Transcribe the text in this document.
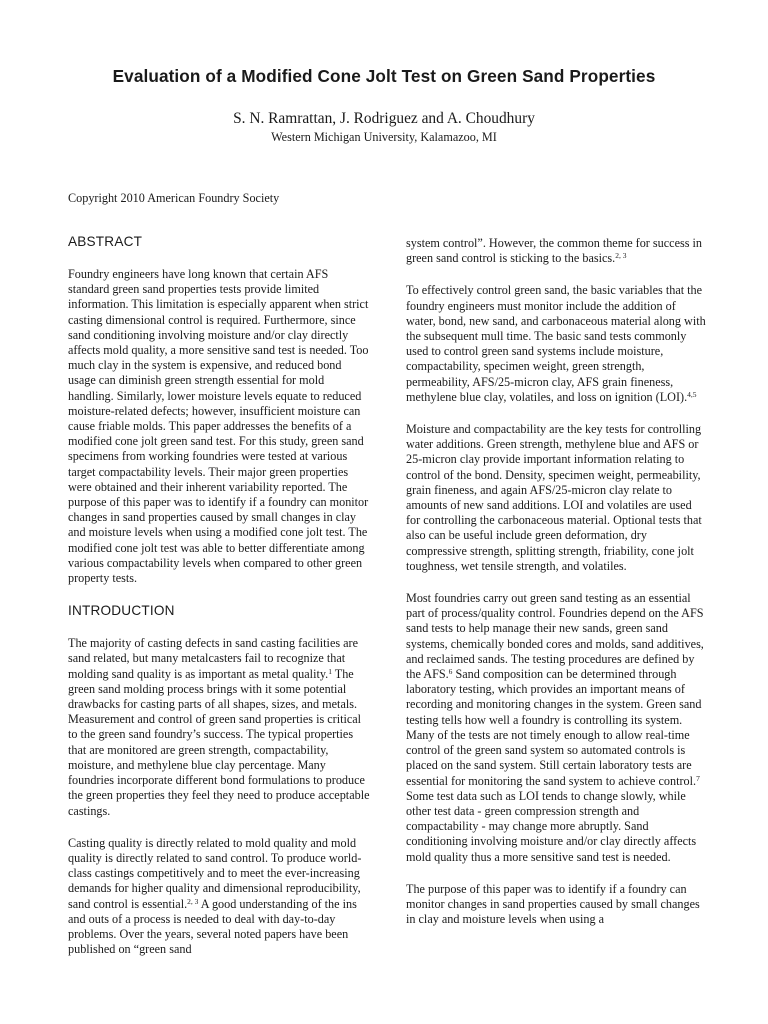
Evaluation of a Modified Cone Jolt Test on Green Sand Properties
S. N. Ramrattan, J. Rodriguez and A. Choudhury
Western Michigan University, Kalamazoo, MI
Copyright 2010 American Foundry Society
ABSTRACT

Foundry engineers have long known that certain AFS standard green sand properties tests provide limited information. This limitation is especially apparent when strict casting dimensional control is required. Furthermore, since sand conditioning involving moisture and/or clay directly affects mold quality, a more sensitive sand test is needed. Too much clay in the system is expensive, and reduced bond usage can diminish green strength essential for mold handling. Similarly, lower moisture levels equate to reduced moisture-related defects; however, insufficient moisture can cause friable molds. This paper addresses the benefits of a modified cone jolt green sand test. For this study, green sand specimens from working foundries were tested at various target compactability levels. Their major green properties were obtained and their inherent variability reported. The purpose of this paper was to identify if a foundry can monitor changes in sand properties caused by small changes in clay and moisture levels when using a modified cone jolt test. The modified cone jolt test was able to better differentiate among various compactability levels when compared to other green property tests.

INTRODUCTION

The majority of casting defects in sand casting facilities are sand related, but many metalcasters fail to recognize that molding sand quality is as important as metal quality.$^1$ The green sand molding process brings with it some potential drawbacks for casting parts of all shapes, sizes, and metals. Measurement and control of green sand properties is critical to the green sand foundry’s success. The typical properties that are monitored are green strength, compactability, moisture, and methylene blue clay percentage. Many foundries incorporate different bond formulations to produce the green properties they feel they need to produce acceptable castings.

Casting quality is directly related to mold quality and mold quality is directly related to sand control. To produce world-class castings competitively and to meet the ever-increasing demands for higher quality and dimensional reproducibility, sand control is essential.$^{2, 3}$ A good understanding of the ins and outs of a process is needed to deal with day-to-day problems. Over the years, several noted papers have been published on “green sand

system control”. However, the common theme for success in green sand control is sticking to the basics.$^{2, 3}$

To effectively control green sand, the basic variables that the foundry engineers must monitor include the addition of water, bond, new sand, and carbonaceous material along with the subsequent mull time. The basic sand tests commonly used to control green sand systems include moisture, compactability, specimen weight, green strength, permeability, AFS/25-micron clay, AFS grain fineness, methylene blue clay, volatiles, and loss on ignition (LOI).$^{4,5}$

Moisture and compactability are the key tests for controlling water additions. Green strength, methylene blue and AFS or 25-micron clay provide important information relating to control of the bond. Density, specimen weight, permeability, grain fineness, and again AFS/25-micron clay relate to amounts of new sand additions. LOI and volatiles are used for controlling the carbonaceous material. Optional tests that also can be useful include green deformation, dry compressive strength, splitting strength, friability, cone jolt toughness, wet tensile strength, and volatiles.

Most foundries carry out green sand testing as an essential part of process/quality control. Foundries depend on the AFS sand tests to help manage their new sands, green sand systems, chemically bonded cores and molds, sand additives, and reclaimed sands. The testing procedures are defined by the AFS.$^6$ Sand composition can be determined through laboratory testing, which provides an important means of recording and monitoring changes in the system. Green sand testing tells how well a foundry is controlling its system. Many of the tests are not timely enough to allow real-time control of the green sand system so automated controls is placed on the sand system. Still certain laboratory tests are essential for monitoring the sand system to achieve control.$^7$ Some test data such as LOI tends to change slowly, while other test data - green compression strength and compactability - may change more abruptly. Sand conditioning involving moisture and/or clay directly affects mold quality thus a more sensitive sand test is needed.

The purpose of this paper was to identify if a foundry can monitor changes in sand properties caused by small changes in clay and moisture levels when using a
